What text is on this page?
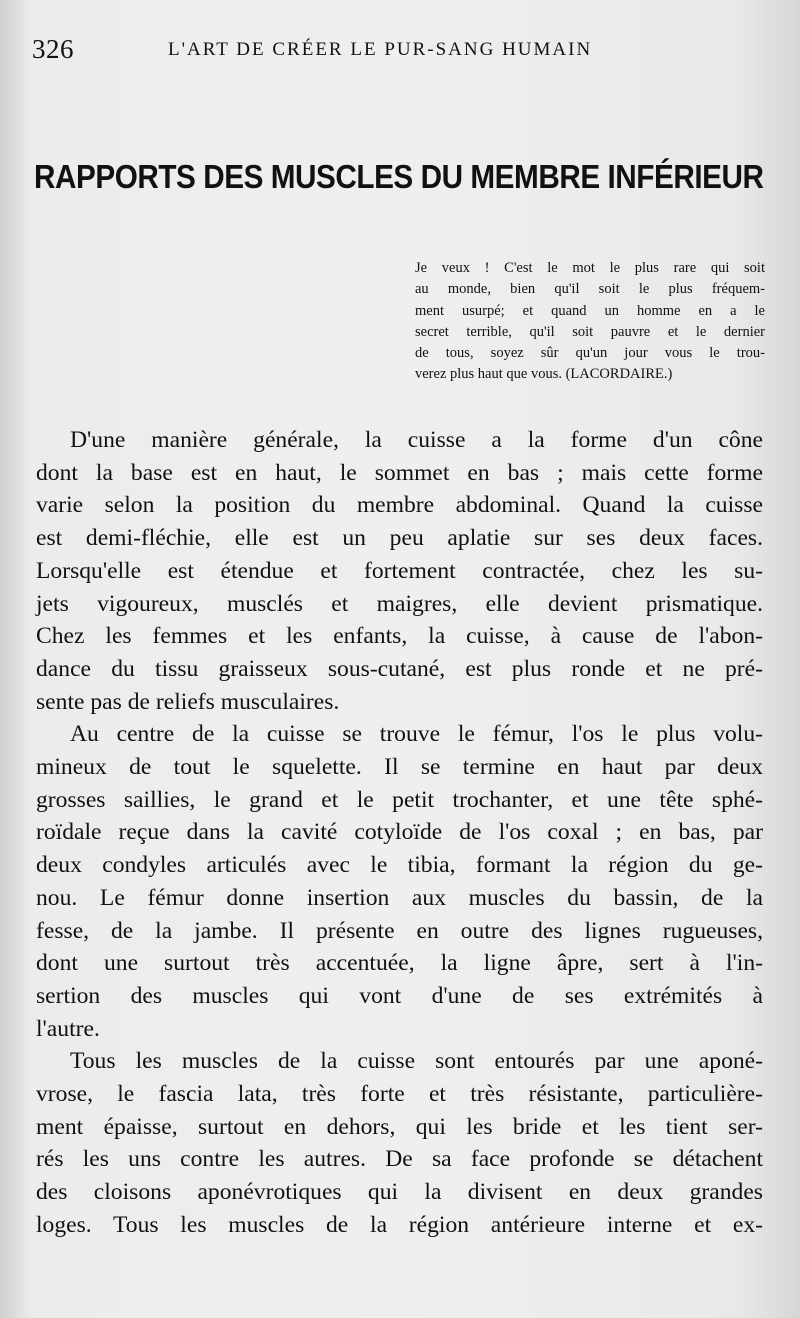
326	L'ART DE CRÉER LE PUR-SANG HUMAIN
RAPPORTS DES MUSCLES DU MEMBRE INFÉRIEUR
Je veux ! C'est le mot le plus rare qui soit
au monde, bien qu'il soit le plus fréquem-
ment usurpé; et quand un homme en a le
secret terrible, qu'il soit pauvre et le dernier
de tous, soyez sûr qu'un jour vous le trou-
verez plus haut que vous. (LACORDAIRE.)
D'une manière générale, la cuisse a la forme d'un cône
dont la base est en haut, le sommet en bas ; mais cette forme
varie selon la position du membre abdominal. Quand la cuisse
est demi-fléchie, elle est un peu aplatie sur ses deux faces.
Lorsqu'elle est étendue et fortement contractée, chez les su-
jets vigoureux, musclés et maigres, elle devient prismatique.
Chez les femmes et les enfants, la cuisse, à cause de l'abon-
dance du tissu graisseux sous-cutané, est plus ronde et ne pré-
sente pas de reliefs musculaires.
Au centre de la cuisse se trouve le fémur, l'os le plus volu-
mineux de tout le squelette. Il se termine en haut par deux
grosses saillies, le grand et le petit trochanter, et une tête sphé-
roïdale reçue dans la cavité cotyloïde de l'os coxal ; en bas, par
deux condyles articulés avec le tibia, formant la région du ge-
nou. Le fémur donne insertion aux muscles du bassin, de la
fesse, de la jambe. Il présente en outre des lignes rugueuses,
dont une surtout très accentuée, la ligne âpre, sert à l'in-
sertion des muscles qui vont d'une de ses extrémités à
l'autre.
Tous les muscles de la cuisse sont entourés par une aponé-
vrose, le fascia lata, très forte et très résistante, particulière-
ment épaisse, surtout en dehors, qui les bride et les tient ser-
rés les uns contre les autres. De sa face profonde se détachent
des cloisons aponévrotiques qui la divisent en deux grandes
loges. Tous les muscles de la région antérieure interne et ex-
